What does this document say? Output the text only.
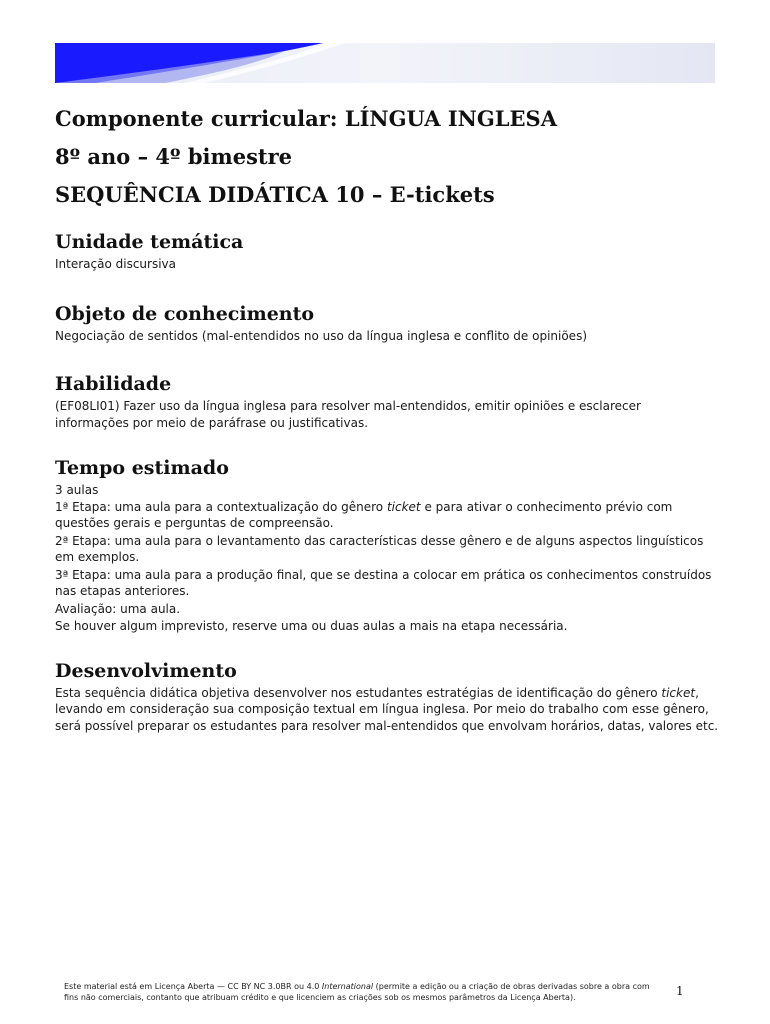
Componente curricular: LÍNGUA INGLESA

8º ano – 4º bimestre

SEQUÊNCIA DIDÁTICA 10 – E-tickets

Unidade temática

Interação discursiva

Objeto de conhecimento

Negociação de sentidos (mal-entendidos no uso da língua inglesa e conflito de opiniões)

Habilidade

(EF08LI01) Fazer uso da língua inglesa para resolver mal-entendidos, emitir opiniões e esclarecer

informações por meio de paráfrase ou justificativas.

Tempo estimado

3 aulas

1ª Etapa: uma aula para a contextualização do gênero ticket e para ativar o conhecimento prévio com

questões gerais e perguntas de compreensão.

2ª Etapa: uma aula para o levantamento das características desse gênero e de alguns aspectos linguísticos

em exemplos.

3ª Etapa: uma aula para a produção final, que se destina a colocar em prática os conhecimentos construídos

nas etapas anteriores.

Avaliação: uma aula.

Se houver algum imprevisto, reserve uma ou duas aulas a mais na etapa necessária.

Desenvolvimento

Esta sequência didática objetiva desenvolver nos estudantes estratégias de identificação do gênero ticket,

levando em consideração sua composição textual em língua inglesa. Por meio do trabalho com esse gênero,

será possível preparar os estudantes para resolver mal-entendidos que envolvam horários, datas, valores etc.

Este material está em Licença Aberta — CC BY NC 3.0BR ou 4.0 International (permite a edição ou a criação de obras derivadas sobre a obra com
fins não comerciais, contanto que atribuam crédito e que licenciem as criações sob os mesmos parâmetros da Licença Aberta).	1
